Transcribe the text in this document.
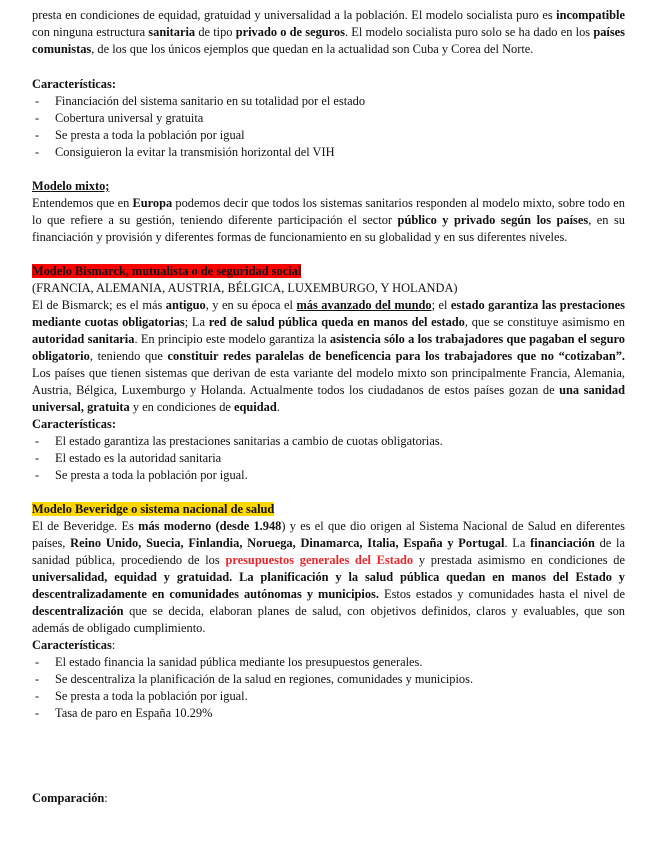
presta en condiciones de equidad, gratuidad y universalidad a la población. El modelo socialista puro es incompatible con ninguna estructura sanitaria de tipo privado o de seguros. El modelo socialista puro solo se ha dado en los países comunistas, de los que los únicos ejemplos que quedan en la actualidad son Cuba y Corea del Norte.

Características:
- Financiación del sistema sanitario en su totalidad por el estado
- Cobertura universal y gratuita
- Se presta a toda la población por igual
- Consiguieron la evitar la transmisión horizontal del VIH
Modelo mixto;

Entendemos que en Europa podemos decir que todos los sistemas sanitarios responden al modelo mixto, sobre todo en lo que refiere a su gestión, teniendo diferente participación el sector público y privado según los países, en su financiación y provisión y diferentes formas de funcionamiento en su globalidad y en sus diferentes niveles.

Modelo Bismarck, mutualista o de seguridad social
(FRANCIA, ALEMANIA, AUSTRIA, BÉLGICA, LUXEMBURGO, Y HOLANDA)

El de Bismarck; es el más antiguo, y en su época el más avanzado del mundo; el estado garantiza las prestaciones mediante cuotas obligatorias; La red de salud pública queda en manos del estado, que se constituye asimismo en autoridad sanitaria. En principio este modelo garantiza la asistencia sólo a los trabajadores que pagaban el seguro obligatorio, teniendo que constituir redes paralelas de beneficencia para los trabajadores que no “cotizaban”. Los países que tienen sistemas que derivan de esta variante del modelo mixto son principalmente Francia, Alemania, Austria, Bélgica, Luxemburgo y Holanda. Actualmente todos los ciudadanos de estos países gozan de una sanidad universal, gratuita y en condiciones de equidad.

Características:
- El estado garantiza las prestaciones sanitarias a cambio de cuotas obligatorias.
- El estado es la autoridad sanitaria
- Se presta a toda la población por igual.
Modelo Beveridge o sistema nacional de salud

El de Beveridge. Es más moderno (desde 1.948) y es el que dio origen al Sistema Nacional de Salud en diferentes países, Reino Unido, Suecia, Finlandia, Noruega, Dinamarca, Italia, España y Portugal. La financiación de la sanidad pública, procediendo de los presupuestos generales del Estado y prestada asimismo en condiciones de universalidad, equidad y gratuidad. La planificación y la salud pública quedan en manos del Estado y descentralizadamente en comunidades autónomas y municipios. Estos estados y comunidades hasta el nivel de descentralización que se decida, elaboran planes de salud, con objetivos definidos, claros y evaluables, que son además de obligado cumplimiento.

Características:
- El estado financia la sanidad pública mediante los presupuestos generales.
- Se descentraliza la planificación de la salud en regiones, comunidades y municipios.
- Se presta a toda la población por igual.
- Tasa de paro en España 10.29%
Comparación:
